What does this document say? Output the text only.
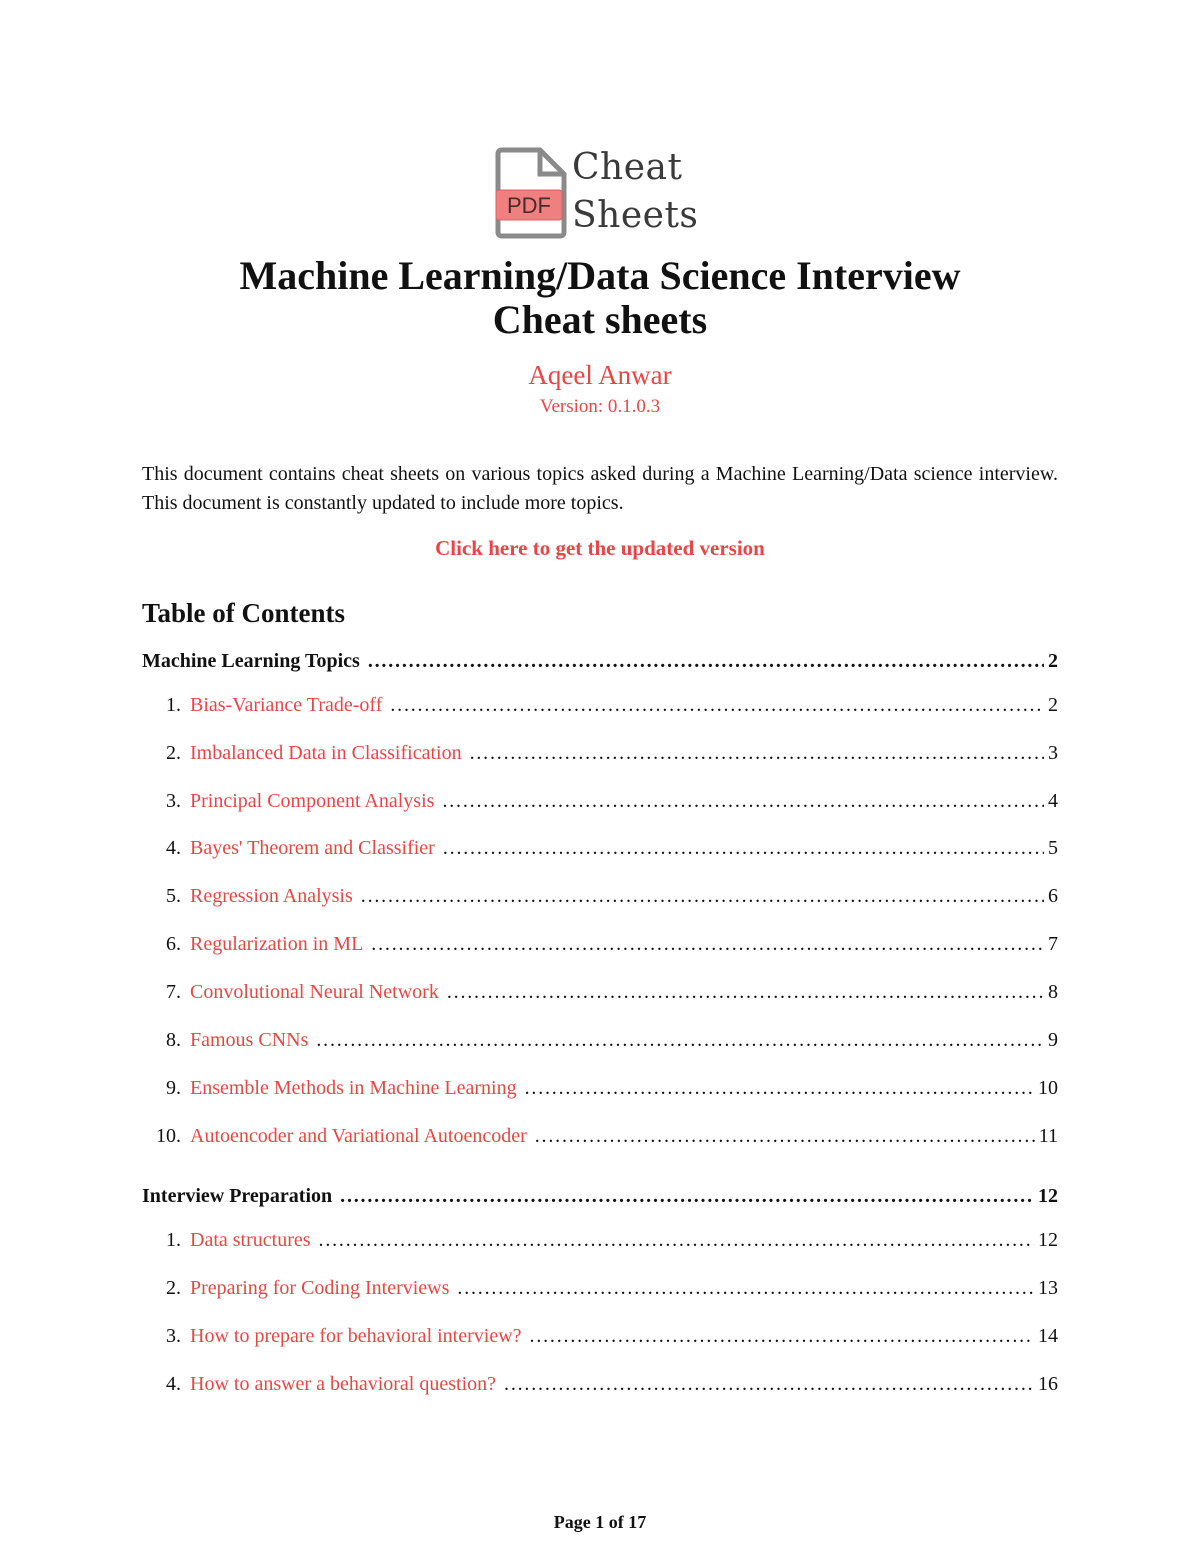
PDF
Cheat
Sheets
Machine Learning/Data Science Interview
Cheat sheets
Aqeel Anwar
Version: 0.1.0.3
This document contains cheat sheets on various topics asked during a Machine Learning/Data science interview. This document is constantly updated to include more topics.
Click here to get the updated version
Table of Contents
Machine Learning Topics . . .	2
1. Bias-Variance Trade-off . . .	2
2. Imbalanced Data in Classification . . .	3
3. Principal Component Analysis . . .	4
4. Bayes' Theorem and Classifier . . .	5
5. Regression Analysis . . .	6
6. Regularization in ML . . .	7
7. Convolutional Neural Network . . .	8
8. Famous CNNs . . .	9
9. Ensemble Methods in Machine Learning . . .	10
10. Autoencoder and Variational Autoencoder . . .	11
Interview Preparation . . .	12
1. Data structures . . .	12
2. Preparing for Coding Interviews . . .	13
3. How to prepare for behavioral interview? . . .	14
4. How to answer a behavioral question? . . .	16
Page 1 of 17
